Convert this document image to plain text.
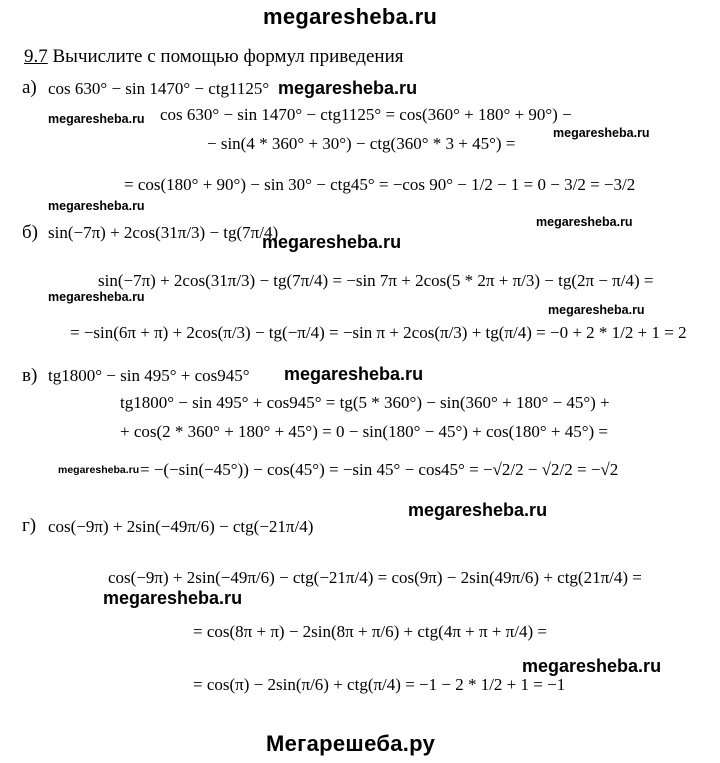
megaresheba.ru
9.7 Вычислите с помощью формул приведения
а) cos 630° − sin 1470° − ctg1125° megaresheba.ru
megaresheba.ru cos 630° − sin 1470° − ctg1125° = cos(360° + 180° + 90°) −
− sin(4 * 360° + 30°) − ctg(360° * 3 + 45°) =
megaresheba.ru
= cos(180° + 90°) − sin 30° − ctg45° = −cos 90° − 1/2 − 1 = 0 − 3/2 = −3/2
megaresheba.ru
б) sin(−7π) + 2cos(31π/3) − tg(7π/4)
megaresheba.ru
megaresheba.ru
sin(−7π) + 2cos(31π/3) − tg(7π/4) = −sin 7π + 2cos(5 * 2π + π/3) − tg(2π − π/4) =
megaresheba.ru
megaresheba.ru
= −sin(6π + π) + 2cos(π/3) − tg(−π/4) = −sin π + 2cos(π/3) + tg(π/4) = −0 + 2 * 1/2 + 1 = 2
в) tg1800° − sin 495° + cos945° megaresheba.ru
tg1800° − sin 495° + cos945° = tg(5 * 360°) − sin(360° + 180° − 45°) +
+ cos(2 * 360° + 180° + 45°) = 0 − sin(180° − 45°) + cos(180° + 45°) =
megaresheba.ru = −(−sin(−45°)) − cos(45°) = −sin 45° − cos45° = −√2/2 − √2/2 = −√2
megaresheba.ru
г) cos(−9π) + 2sin(−49π/6) − ctg(−21π/4)
cos(−9π) + 2sin(−49π/6) − ctg(−21π/4) = cos(9π) − 2sin(49π/6) + ctg(21π/4) =
megaresheba.ru
= cos(8π + π) − 2sin(8π + π/6) + ctg(4π + π + π/4) =
megaresheba.ru
= cos(π) − 2sin(π/6) + ctg(π/4) = −1 − 2 * 1/2 + 1 = −1
Мегарешеба.ру
